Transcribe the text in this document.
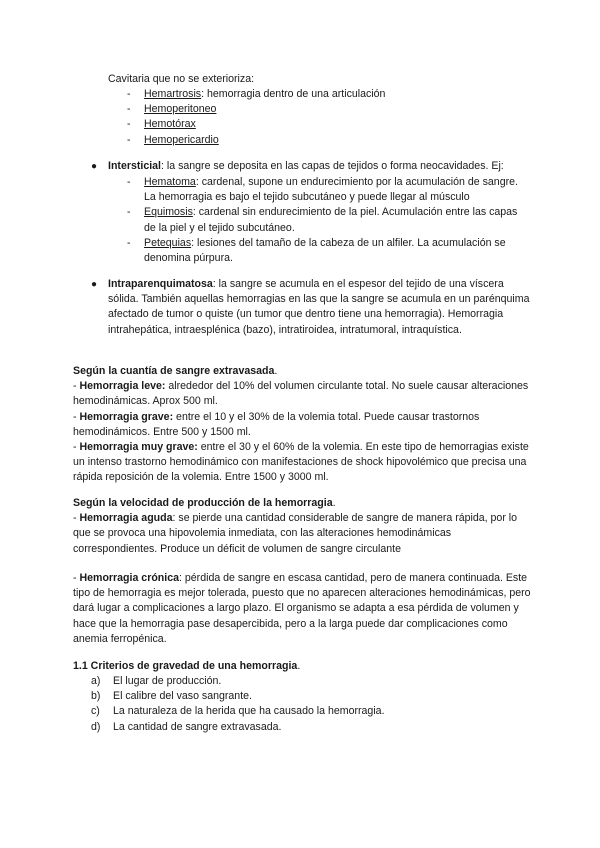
Cavitaria que no se exterioriza:

- Hemartrosis: hemorragia dentro de una articulación
- Hemoperitoneo
- Hemotórax
- Hemopericardio
●	Intersticial: la sangre se deposita en las capas de tejidos o forma neocavidades. Ej:

- Hematoma: cardenal, supone un endurecimiento por la acumulación de sangre. La hemorragia es bajo el tejido subcutáneo y puede llegar al músculo
- Equimosis: cardenal sin endurecimiento de la piel. Acumulación entre las capas de la piel y el tejido subcutáneo.
- Petequias: lesiones del tamaño de la cabeza de un alfiler. La acumulación se denomina púrpura.
●	Intraparenquimatosa: la sangre se acumula en el espesor del tejido de una víscera sólida. También aquellas hemorragias en las que la sangre se acumula en un parénquima afectado de tumor o quiste (un tumor que dentro tiene una hemorragia). Hemorragia intrahepática, intraesplénica (bazo), intratiroidea, intratumoral, intraquística.

Según la cuantía de sangre extravasada.

- Hemorragia leve: alrededor del 10% del volumen circulante total. No suele causar alteraciones hemodinámicas. Aprox 500 ml.

- Hemorragia grave: entre el 10 y el 30% de la volemia total. Puede causar trastornos hemodinámicos. Entre 500 y 1500 ml.

- Hemorragia muy grave: entre el 30 y el 60% de la volemia. En este tipo de hemorragias existe un intenso trastorno hemodinámico con manifestaciones de shock hipovolémico que precisa una rápida reposición de la volemia. Entre 1500 y 3000 ml.

Según la velocidad de producción de la hemorragia.

- Hemorragia aguda: se pierde una cantidad considerable de sangre de manera rápida, por lo que se provoca una hipovolemia inmediata, con las alteraciones hemodinámicas correspondientes. Produce un déficit de volumen de sangre circulante

- Hemorragia crónica: pérdida de sangre en escasa cantidad, pero de manera continuada. Este tipo de hemorragia es mejor tolerada, puesto que no aparecen alteraciones hemodinámicas, pero dará lugar a complicaciones a largo plazo. El organismo se adapta a esa pérdida de volumen y hace que la hemorragia pase desapercibida, pero a la larga puede dar complicaciones como anemia ferropénica.

1.1 Criterios de gravedad de una hemorragia.

a) El lugar de producción.
b) El calibre del vaso sangrante.
c) La naturaleza de la herida que ha causado la hemorragia.
d) La cantidad de sangre extravasada.
